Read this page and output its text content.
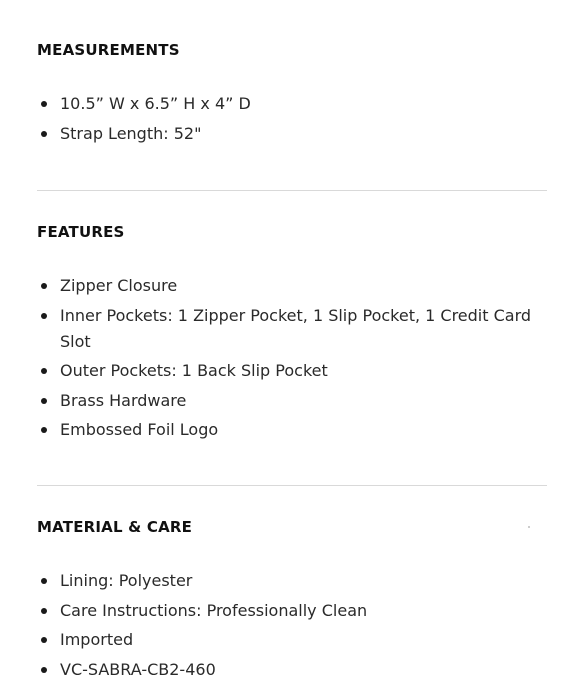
MEASUREMENTS
10.5” W x 6.5” H x 4” D
Strap Length: 52"
FEATURES
Zipper Closure
Inner Pockets: 1 Zipper Pocket, 1 Slip Pocket, 1 Credit Card Slot
Outer Pockets: 1 Back Slip Pocket
Brass Hardware
Embossed Foil Logo
MATERIAL & CARE
Lining: Polyester
Care Instructions: Professionally Clean
Imported
VC-SABRA-CB2-460
